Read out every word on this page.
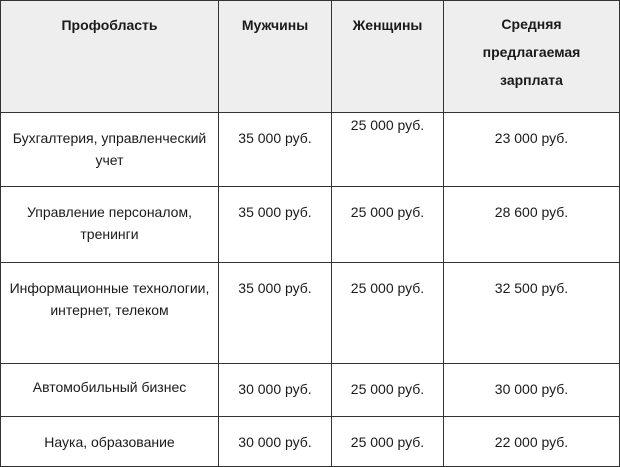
Профобласть	Мужчины	Женщины	Средняя
предлагаемая
зарплата

Бухгалтерия, управленческий учет	35 000 руб.	25 000 руб.	23 000 руб.
Управление персоналом, тренинги	35 000 руб.	25 000 руб.	28 600 руб.
Информационные технологии, интернет, телеком	35 000 руб.	25 000 руб.	32 500 руб.
Автомобильный бизнес	30 000 руб.	25 000 руб.	30 000 руб.
Наука, образование	30 000 руб.	25 000 руб.	22 000 руб.
